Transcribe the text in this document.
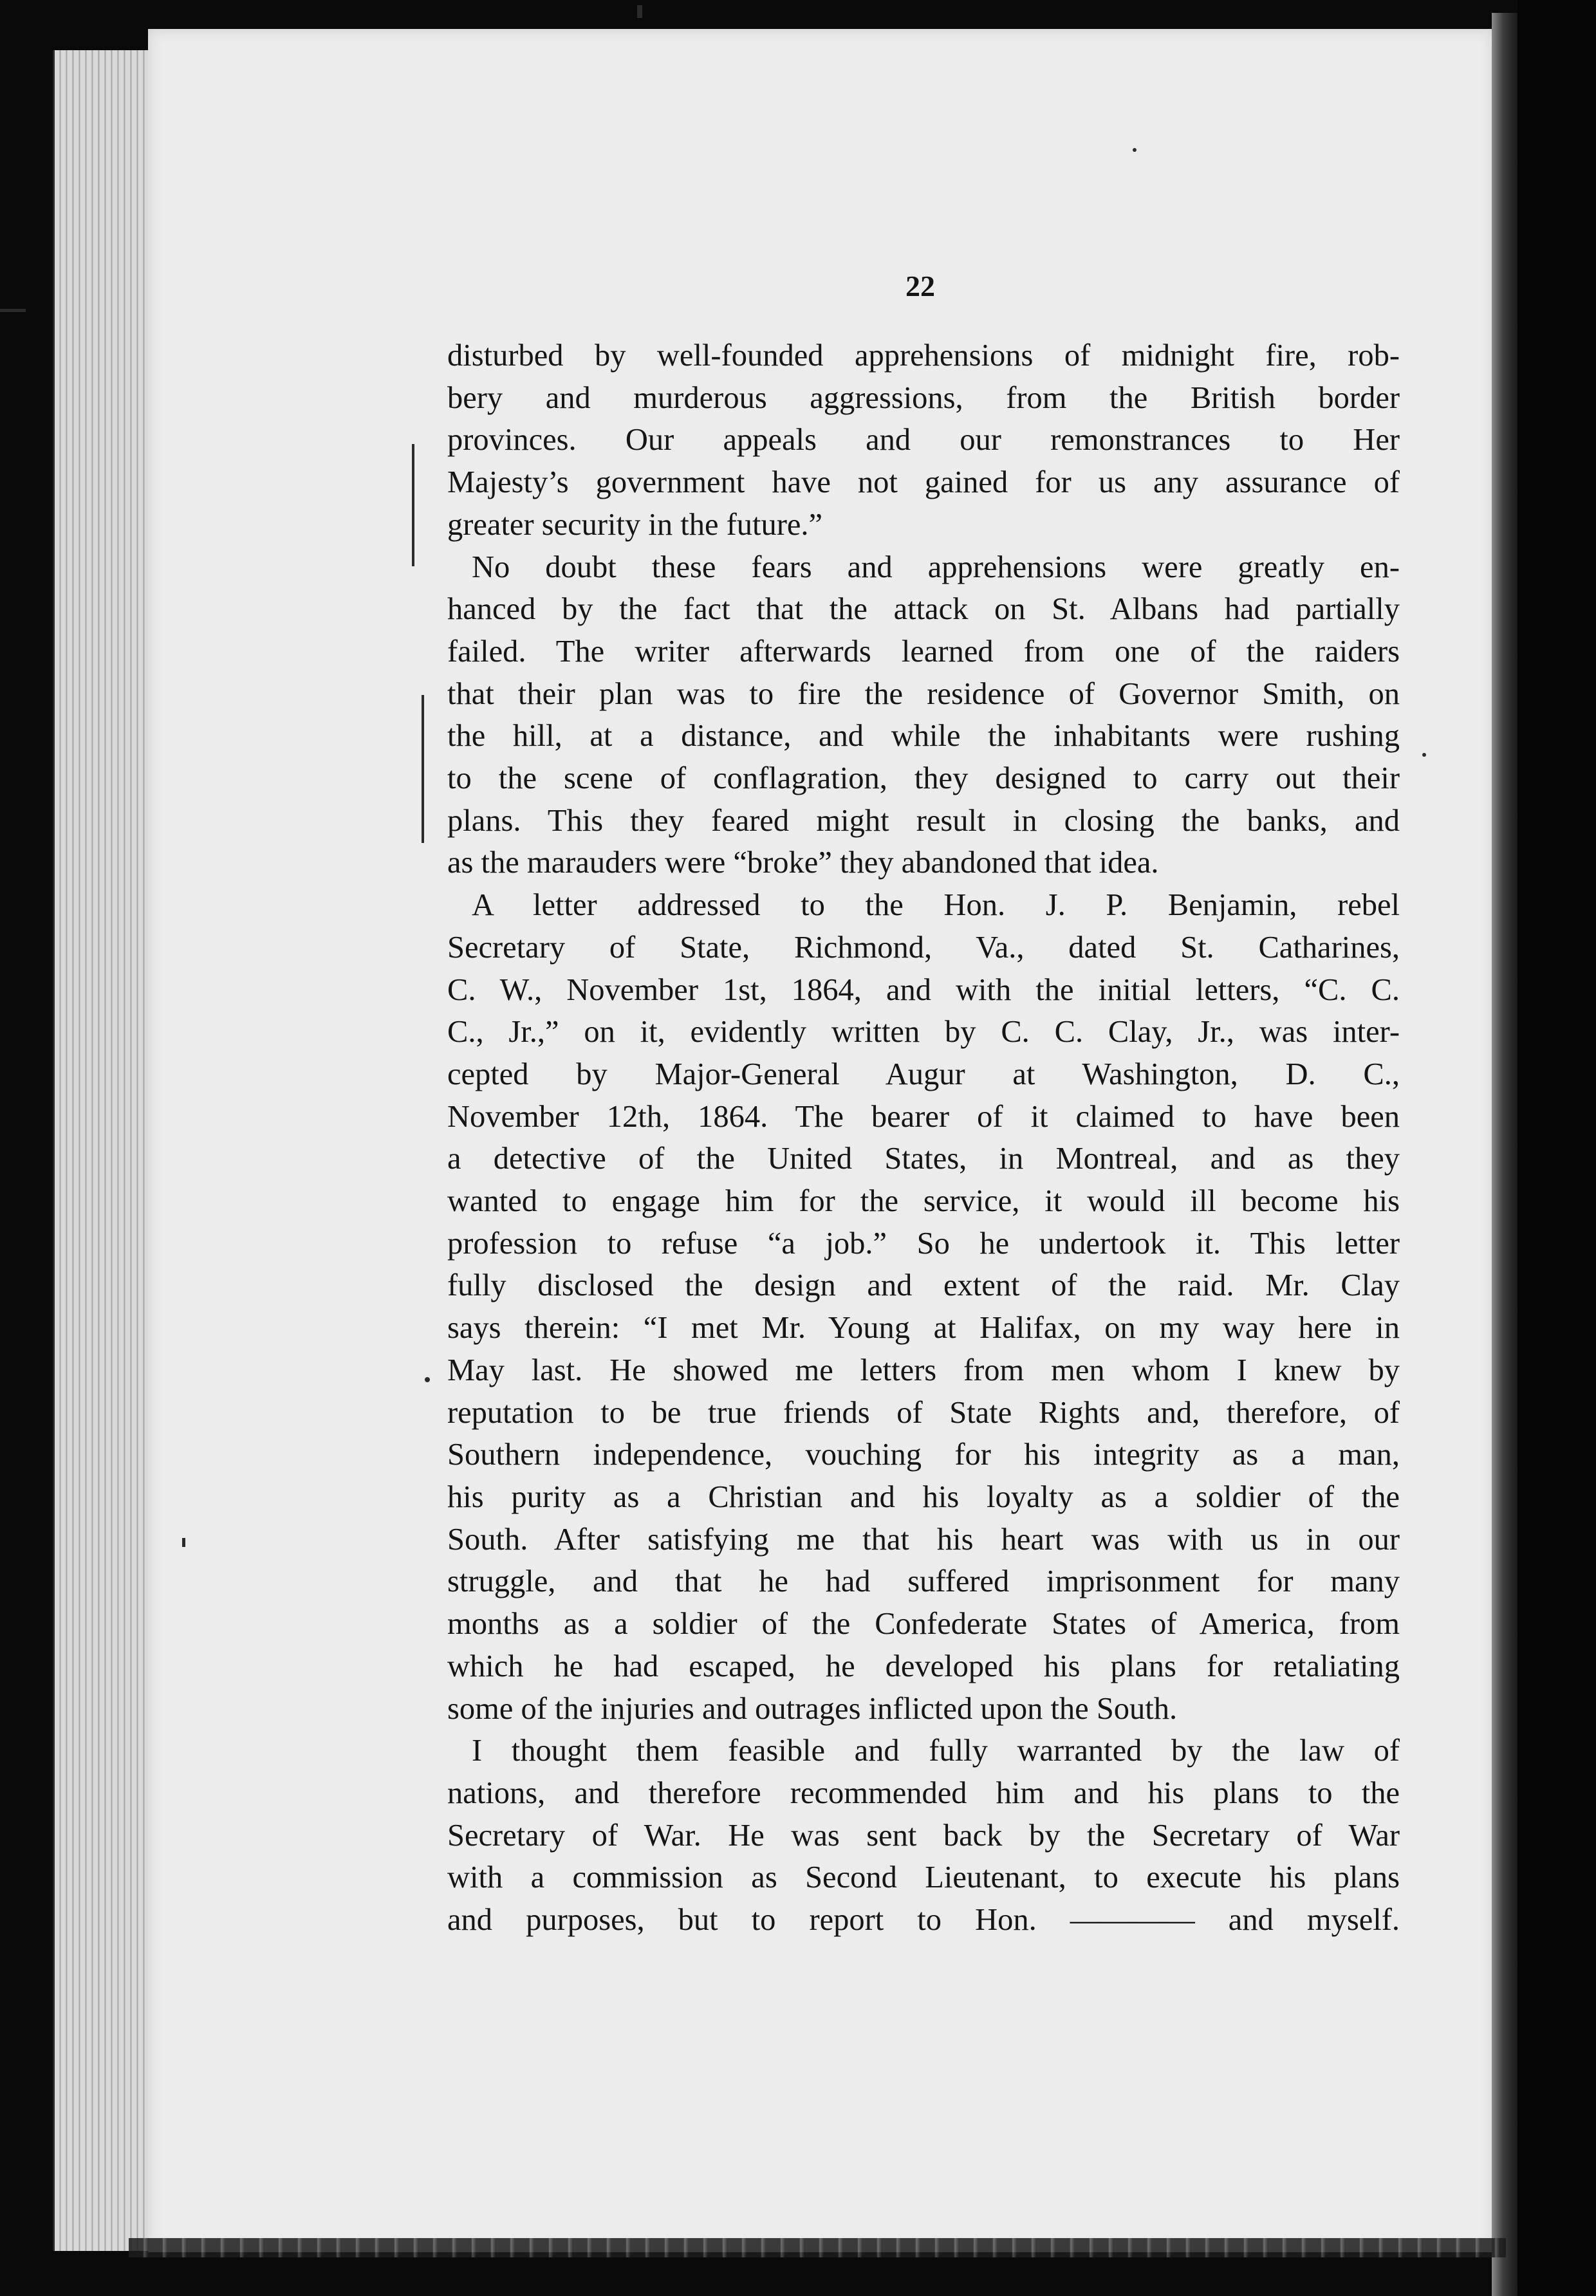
22

disturbed by well-founded apprehensions of midnight fire, rob-

bery and murderous aggressions, from the British border

provinces. Our appeals and our remonstrances to Her

Majesty’s government have not gained for us any assurance of

greater security in the future.”

No doubt these fears and apprehensions were greatly en-

hanced by the fact that the attack on St. Albans had partially

failed. The writer afterwards learned from one of the raiders

that their plan was to fire the residence of Governor Smith, on

the hill, at a distance, and while the inhabitants were rushing

to the scene of conflagration, they designed to carry out their

plans. This they feared might result in closing the banks, and

as the marauders were “broke” they abandoned that idea.

A letter addressed to the Hon. J. P. Benjamin, rebel

Secretary of State, Richmond, Va., dated St. Catharines,

C. W., November 1st, 1864, and with the initial letters, “C. C.

C., Jr.,” on it, evidently written by C. C. Clay, Jr., was inter-

cepted by Major-General Augur at Washington, D. C.,

November 12th, 1864. The bearer of it claimed to have been

a detective of the United States, in Montreal, and as they

wanted to engage him for the service, it would ill become his

profession to refuse “a job.” So he undertook it. This letter

fully disclosed the design and extent of the raid. Mr. Clay

says therein: “I met Mr. Young at Halifax, on my way here in

May last. He showed me letters from men whom I knew by

reputation to be true friends of State Rights and, therefore, of

Southern independence, vouching for his integrity as a man,

his purity as a Christian and his loyalty as a soldier of the

South. After satisfying me that his heart was with us in our

struggle, and that he had suffered imprisonment for many

months as a soldier of the Confederate States of America, from

which he had escaped, he developed his plans for retaliating

some of the injuries and outrages inflicted upon the South.

I thought them feasible and fully warranted by the law of

nations, and therefore recommended him and his plans to the

Secretary of War. He was sent back by the Secretary of War

with a commission as Second Lieutenant, to execute his plans

and purposes, but to report to Hon. ———— and myself.
